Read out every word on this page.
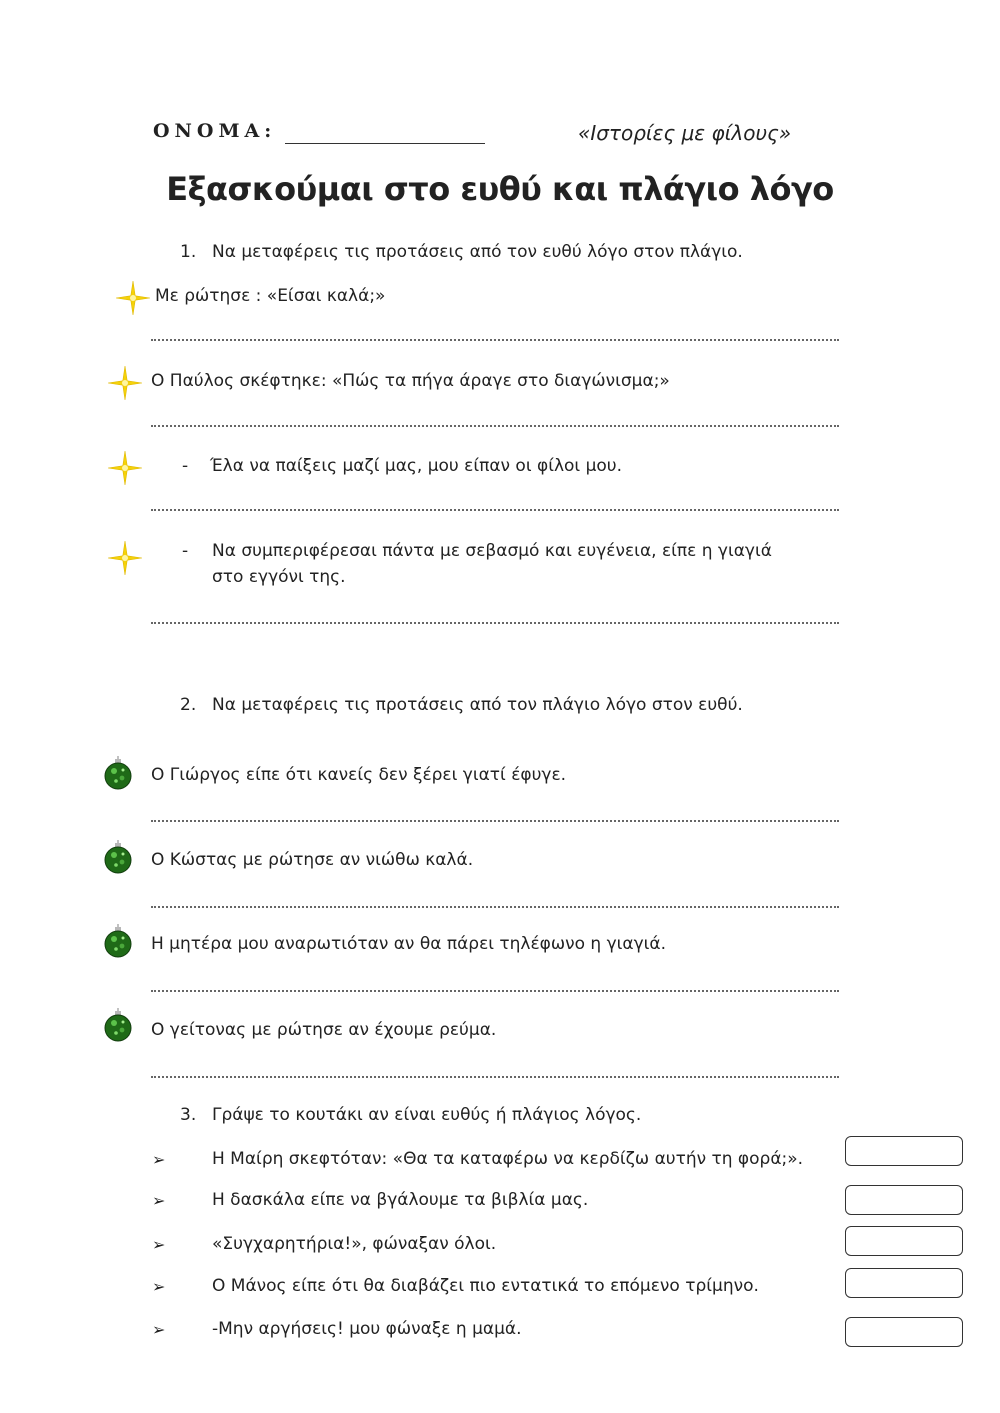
ΟΝΟΜΑ:	«Ιστορίες με φίλους»
Εξασκούμαι στο ευθύ και πλάγιο λόγο
1. Να μεταφέρεις τις προτάσεις από τον ευθύ λόγο στον πλάγιο.
Με ρώτησε : «Είσαι καλά;»
Ο Παύλος σκέφτηκε: «Πώς τα πήγα άραγε στο διαγώνισμα;»
- Έλα να παίξεις μαζί μας, μου είπαν οι φίλοι μου.
- Να συμπεριφέρεσαι πάντα με σεβασμό και ευγένεια, είπε η γιαγιά
στο εγγόνι της.
2. Να μεταφέρεις τις προτάσεις από τον πλάγιο λόγο στον ευθύ.
Ο Γιώργος είπε ότι κανείς δεν ξέρει γιατί έφυγε.
Ο Κώστας με ρώτησε αν νιώθω καλά.
Η μητέρα μου αναρωτιόταν αν θα πάρει τηλέφωνο η γιαγιά.
Ο γείτονας με ρώτησε αν έχουμε ρεύμα.
3. Γράψε το κουτάκι αν είναι ευθύς ή πλάγιος λόγος.
➢	Η Μαίρη σκεφτόταν: «Θα τα καταφέρω να κερδίζω αυτήν τη φορά;».
➢	Η δασκάλα είπε να βγάλουμε τα βιβλία μας.
➢	«Συγχαρητήρια!», φώναξαν όλοι.
➢	Ο Μάνος είπε ότι θα διαβάζει πιο εντατικά το επόμενο τρίμηνο.
➢	-Μην αργήσεις! μου φώναξε η μαμά.
